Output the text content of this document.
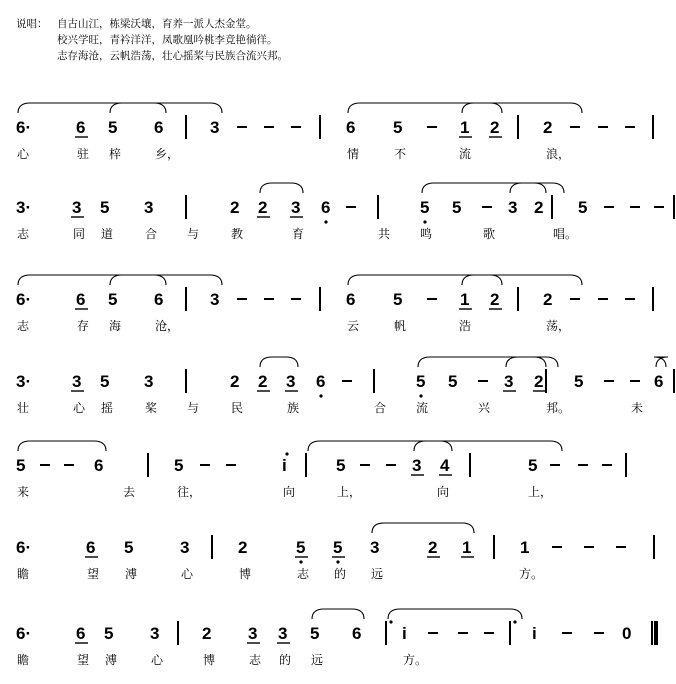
说唱： 自古山江，栋梁沃壤，育养一派人杰金堂。
校兴学旺，青衿洋洋，凤歌凰吟桃李竞艳徜徉。
志存海沧，云帆浩荡，壮心摇桨与民族合流兴邦。
6·	6 5 6	3	6 5	1 2	2
心	驻 梓	乡，	情	不	流	浪，
3· 3 5 3	2 2 3 6	5 5	3 2 5
志	同 道	合 与	教	育	共 鸣	歌	唱。
6·	6 5 6	3	6 5	1 2	2
志	存 海	沧，	云	帆	浩	荡，
3· 3 5 3	2 2 3 6	5 5	3 2 5	6
壮	心 摇	桨 与	民	族	合 流	兴	邦。	未
5	6	5	i	5	3 4	5
来	去	往，	向	上，	向	上，
6·	6 5	3	2	5 5 3	2 1	1
瞻	望 溥	心	博	志 的 远	方。
6·	6 5 3	2 3 3 5 6 i	i	0
瞻	望 溥	心	博	志 的 远	方。
